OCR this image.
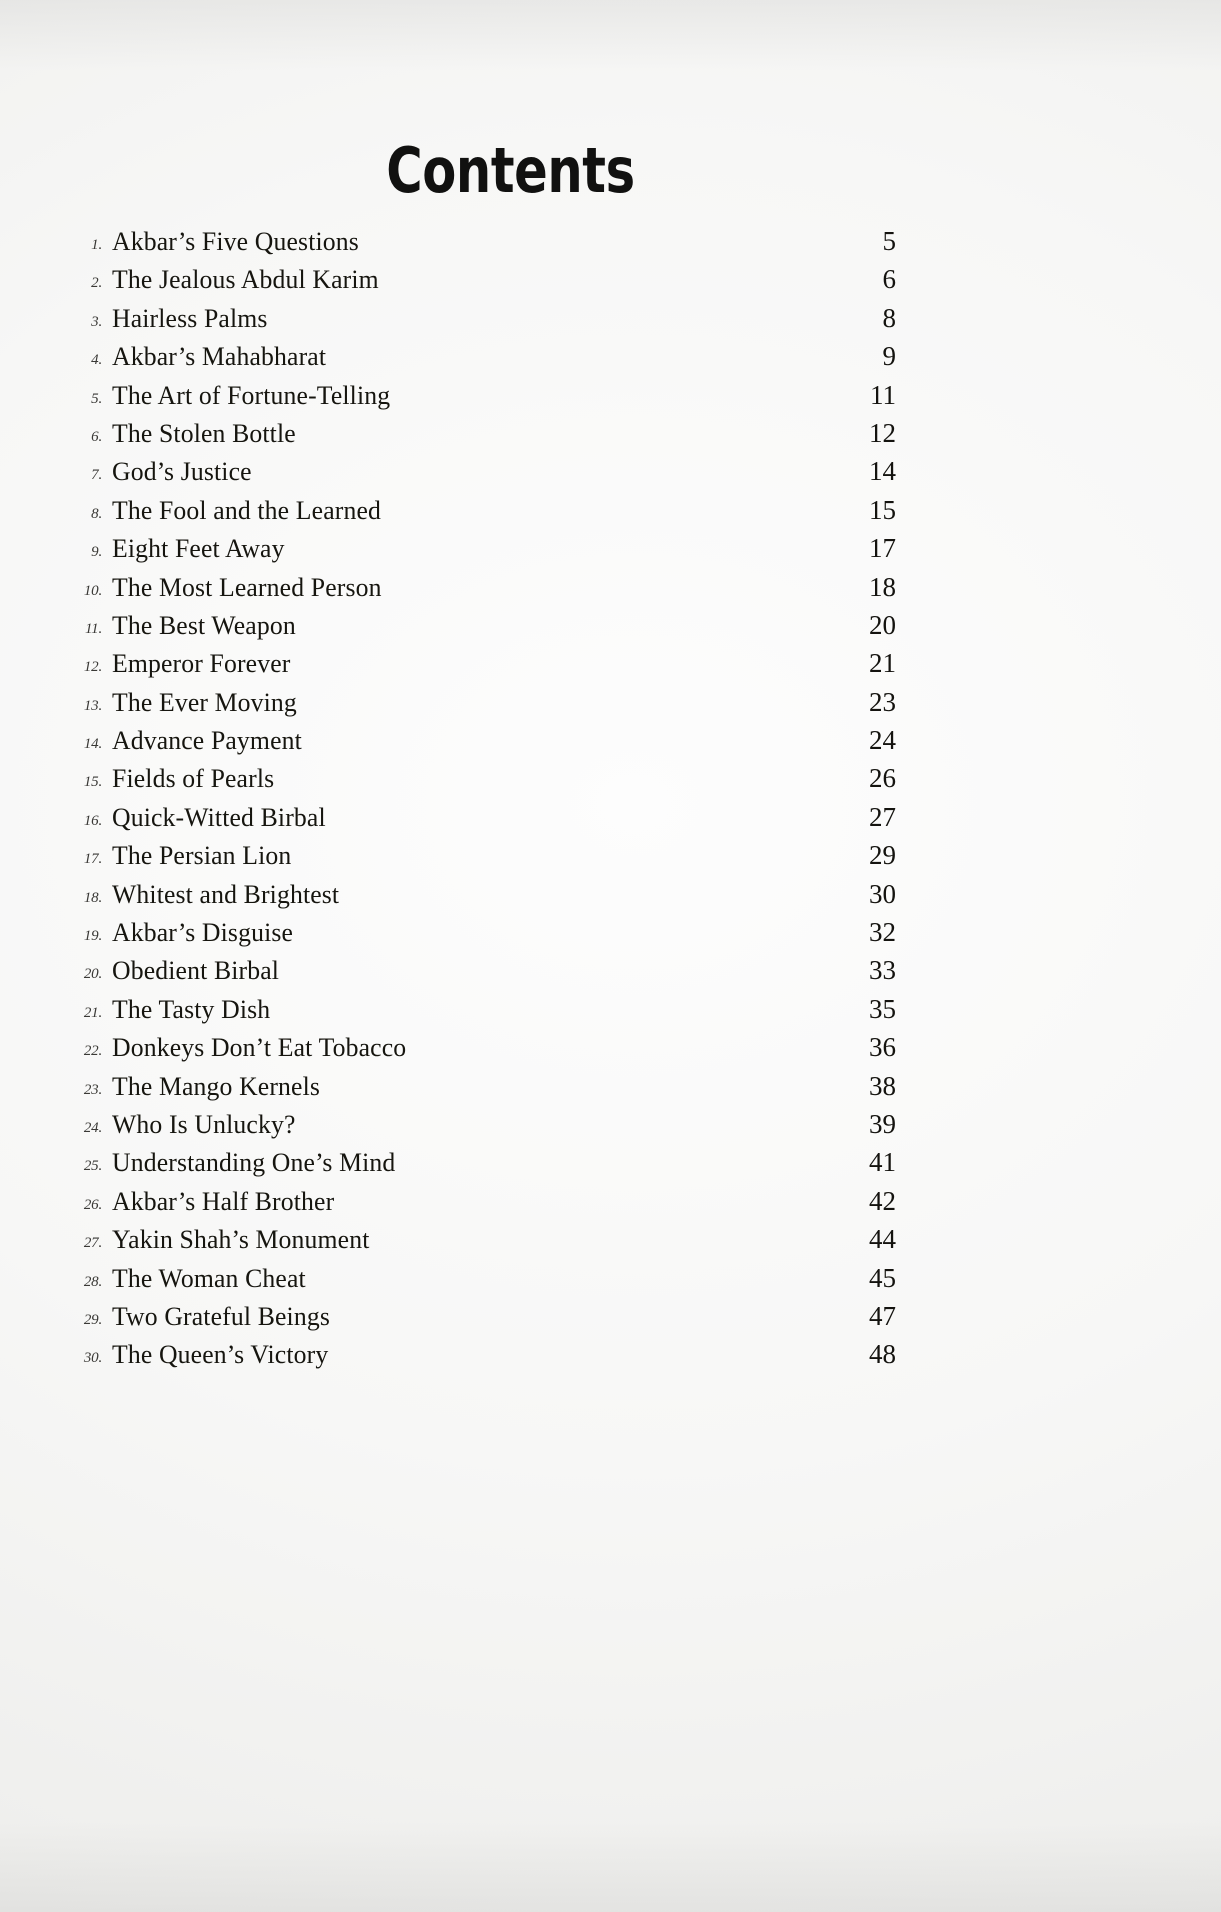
Contents
1 . Akbar’s Five Questions	5
2 . The Jealous Abdul Karim	6
3 . Hairless Palms	8
4 . Akbar’s Mahabharat	9
5 . The Art of Fortune-Telling	11
6 . The Stolen Bottle	12
7 . God’s Justice	14
8 . The Fool and the Learned	15
9 . Eight Feet Away	17
10 . The Most Learned Person	18
11 . The Best Weapon	20
12 . Emperor Forever	21
13 . The Ever Moving	23
14 . Advance Payment	24
15 . Fields of Pearls	26
16 . Quick-Witted Birbal	27
17 . The Persian Lion	29
18 . Whitest and Brightest	30
19 . Akbar’s Disguise	32
20 . Obedient Birbal	33
21 . The Tasty Dish	35
22 . Donkeys Don’t Eat Tobacco	36
23 . The Mango Kernels	38
24 . Who Is Unlucky?	39
25 . Understanding One’s Mind	41
26 . Akbar’s Half Brother	42
27 . Yakin Shah’s Monument	44
28 . The Woman Cheat	45
29 . Two Grateful Beings	47
30 . The Queen’s Victory	48
